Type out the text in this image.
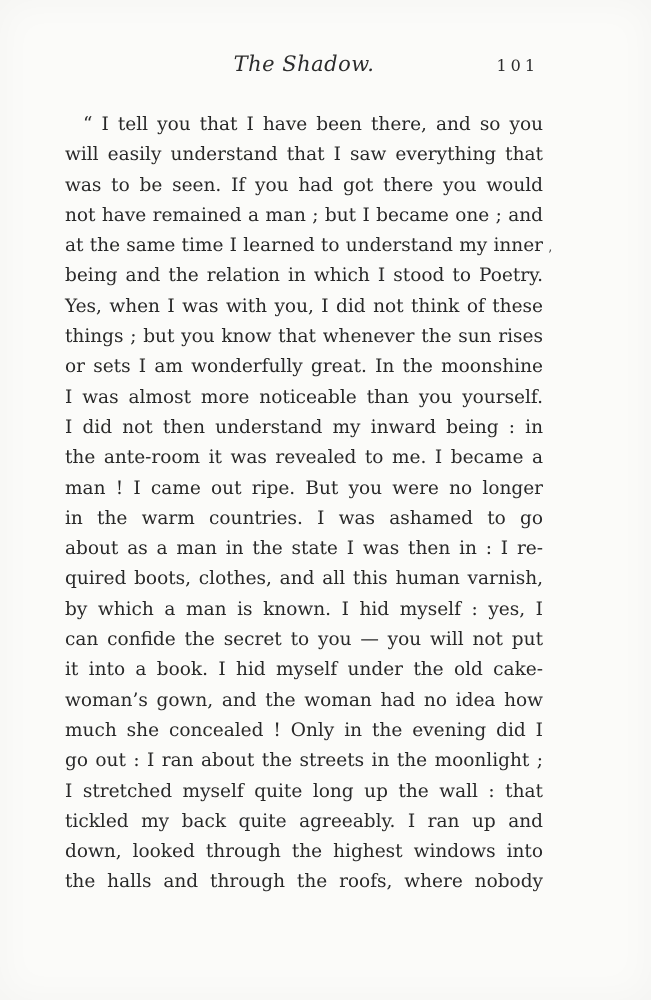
The Shadow.	101
“ I tell you that I have been there, and so you
will easily understand that I saw everything that
was to be seen. If you had got there you would
not have remained a man ; but I became one ; and
at the same time I learned to understand my inner
being and the relation in which I stood to Poetry.
Yes, when I was with you, I did not think of these
things ; but you know that whenever the sun rises
or sets I am wonderfully great. In the moonshine
I was almost more noticeable than you yourself.
I did not then understand my inward being : in
the ante-room it was revealed to me. I became a
man ! I came out ripe. But you were no longer
in the warm countries. I was ashamed to go
about as a man in the state I was then in : I re-
quired boots, clothes, and all this human varnish,
by which a man is known. I hid myself : yes, I
can confide the secret to you — you will not put
it into a book. I hid myself under the old cake-
woman’s gown, and the woman had no idea how
much she concealed ! Only in the evening did I
go out : I ran about the streets in the moonlight ;
I stretched myself quite long up the wall : that
tickled my back quite agreeably. I ran up and
down, looked through the highest windows into
the halls and through the roofs, where nobody
’
